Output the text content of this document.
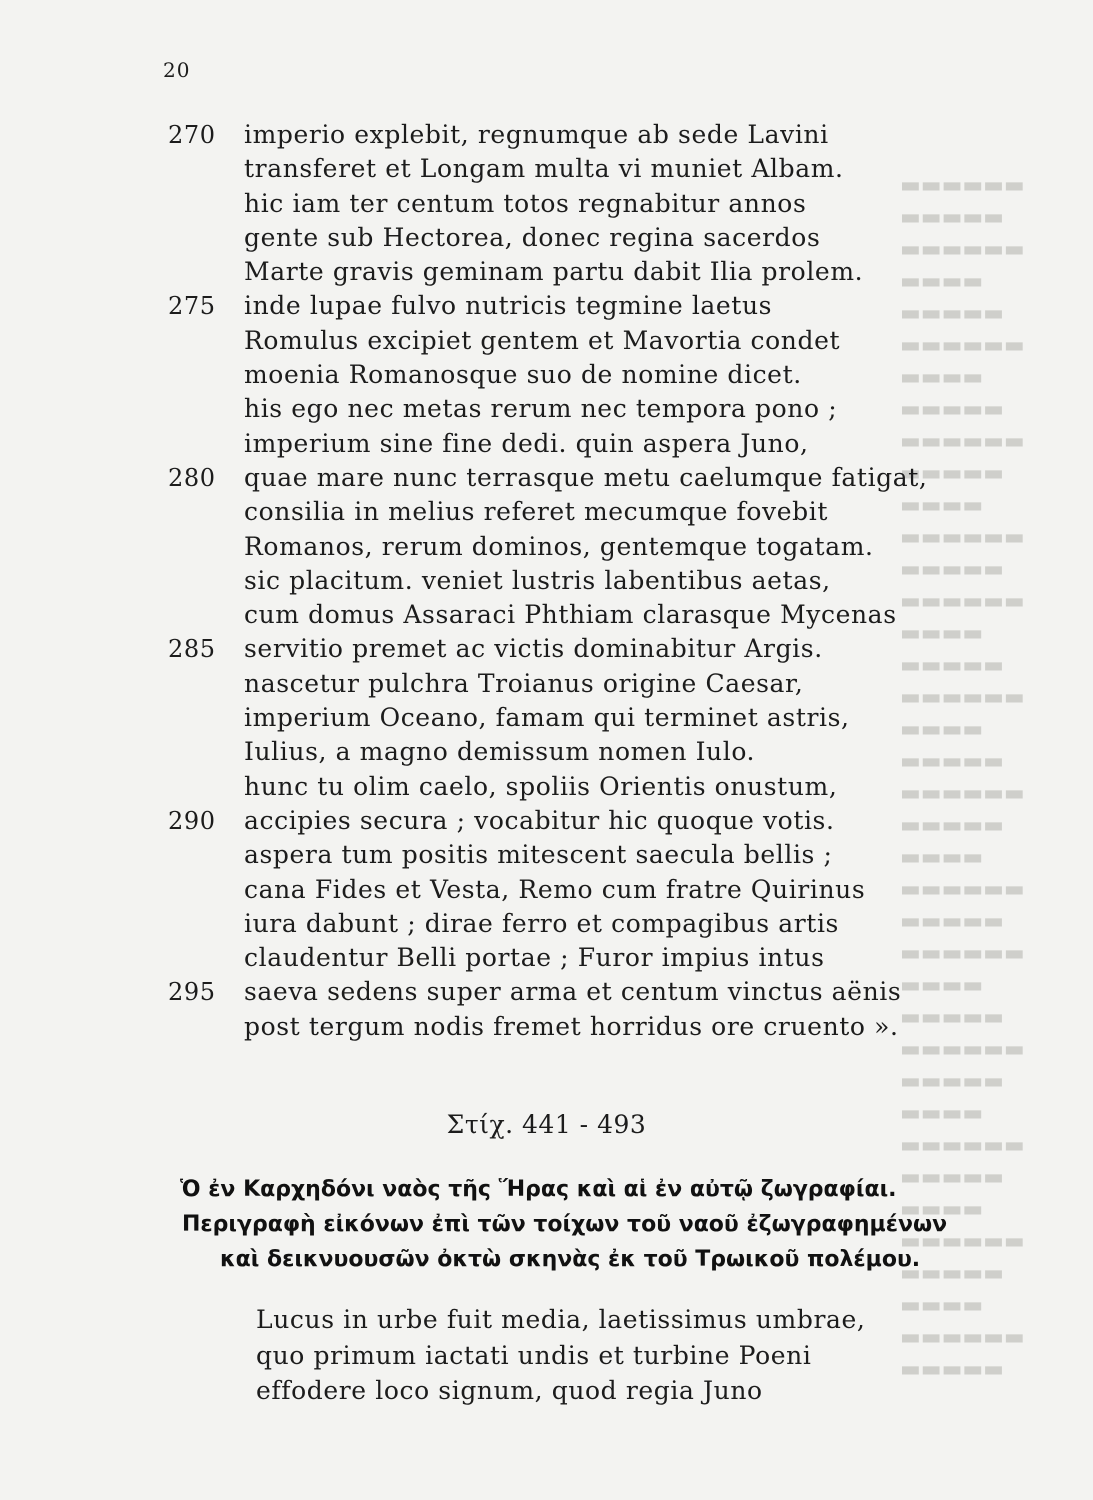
▬▬▬▬▬▬
▬▬▬▬▬
▬▬▬▬▬▬
▬▬▬▬
▬▬▬▬▬
▬▬▬▬▬▬
▬▬▬▬
▬▬▬▬▬
▬▬▬▬▬▬
▬▬▬▬▬
▬▬▬▬
▬▬▬▬▬▬
▬▬▬▬▬
▬▬▬▬▬▬
▬▬▬▬
▬▬▬▬▬
▬▬▬▬▬▬
▬▬▬▬
▬▬▬▬▬
▬▬▬▬▬▬
▬▬▬▬▬
▬▬▬▬
▬▬▬▬▬▬
▬▬▬▬▬
▬▬▬▬▬▬
▬▬▬▬
▬▬▬▬▬
▬▬▬▬▬▬
▬▬▬▬▬
▬▬▬▬
▬▬▬▬▬▬
▬▬▬▬▬
▬▬▬▬
▬▬▬▬▬▬
▬▬▬▬▬
▬▬▬▬
▬▬▬▬▬▬
▬▬▬▬▬
20
270	imperio explebit, regnumque ab sede Lavini
transferet et Longam multa vi muniet Albam.
hic iam ter centum totos regnabitur annos
gente sub Hectorea, donec regina sacerdos
Marte gravis geminam partu dabit Ilia prolem.
275	inde lupae fulvo nutricis tegmine laetus
Romulus excipiet gentem et Mavortia condet
moenia Romanosque suo de nomine dicet.
his ego nec metas rerum nec tempora pono ;
imperium sine fine dedi. quin aspera Juno,
280	quae mare nunc terrasque metu caelumque fatigat,
consilia in melius referet mecumque fovebit
Romanos, rerum dominos, gentemque togatam.
sic placitum. veniet lustris labentibus aetas,
cum domus Assaraci Phthiam clarasque Mycenas
285	servitio premet ac victis dominabitur Argis.
nascetur pulchra Troianus origine Caesar,
imperium Oceano, famam qui terminet astris,
Iulius, a magno demissum nomen Iulo.
hunc tu olim caelo, spoliis Orientis onustum,
290	accipies secura ; vocabitur hic quoque votis.
aspera tum positis mitescent saecula bellis ;
cana Fides et Vesta, Remo cum fratre Quirinus
iura dabunt ; dirae ferro et compagibus artis
claudentur Belli portae ; Furor impius intus
295	saeva sedens super arma et centum vinctus aënis
post tergum nodis fremet horridus ore cruento ».
Στίχ. 441 - 493
Ὁ ἐν Καρχηδόνι ναὸς τῆς Ἥρας καὶ αἱ ἐν αὐτῷ ζωγραφίαι.
Περιγραφὴ εἰκόνων ἐπὶ τῶν τοίχων τοῦ ναοῦ ἐζωγραφημένων
καὶ δεικνυουσῶν ὀκτὼ σκηνὰς ἐκ τοῦ Τρωικοῦ πολέμου.
Lucus in urbe fuit media, laetissimus umbrae,
quo primum iactati undis et turbine Poeni
effodere loco signum, quod regia Juno
